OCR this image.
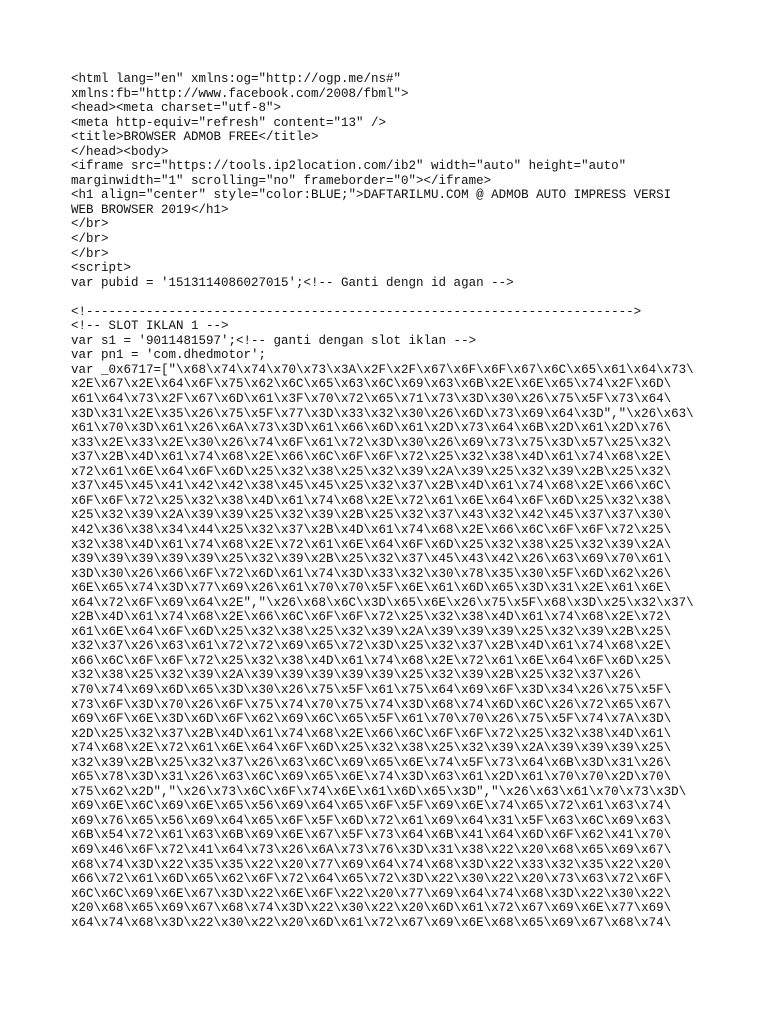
<html lang="en" xmlns:og="http://ogp.me/ns#"
xmlns:fb="http://www.facebook.com/2008/fbml">
<head><meta charset="utf-8">
<meta http-equiv="refresh" content="13" />
<title>BROWSER ADMOB FREE</title>
</head><body>
<iframe src="https://tools.ip2location.com/ib2" width="auto" height="auto"
marginwidth="1" scrolling="no" frameborder="0"></iframe>
<h1 align="center" style="color:BLUE;">DAFTARILMU.COM @ ADMOB AUTO IMPRESS VERSI
WEB BROWSER 2019</h1>
</br>
</br>
</br>
<script>
var pubid = '1513114086027015';<!-- Ganti dengn id agan -->
<!------------------------------------------------------------------------->
<!-- SLOT IKLAN 1 -->
var s1 = '9011481597';<!-- ganti dengan slot iklan -->
var pn1 = 'com.dhedmotor';
var _0x6717=["\x68\x74\x74\x70\x73\x3A\x2F\x2F\x67\x6F\x6F\x67\x6C\x65\x61\x64\x73\
x2E\x67\x2E\x64\x6F\x75\x62\x6C\x65\x63\x6C\x69\x63\x6B\x2E\x6E\x65\x74\x2F\x6D\
x61\x64\x73\x2F\x67\x6D\x61\x3F\x70\x72\x65\x71\x73\x3D\x30\x26\x75\x5F\x73\x64\
x3D\x31\x2E\x35\x26\x75\x5F\x77\x3D\x33\x32\x30\x26\x6D\x73\x69\x64\x3D","\x26\x63\
x61\x70\x3D\x61\x26\x6A\x73\x3D\x61\x66\x6D\x61\x2D\x73\x64\x6B\x2D\x61\x2D\x76\
x33\x2E\x33\x2E\x30\x26\x74\x6F\x61\x72\x3D\x30\x26\x69\x73\x75\x3D\x57\x25\x32\
x37\x2B\x4D\x61\x74\x68\x2E\x66\x6C\x6F\x6F\x72\x25\x32\x38\x4D\x61\x74\x68\x2E\
x72\x61\x6E\x64\x6F\x6D\x25\x32\x38\x25\x32\x39\x2A\x39\x25\x32\x39\x2B\x25\x32\
x37\x45\x45\x41\x42\x42\x38\x45\x45\x25\x32\x37\x2B\x4D\x61\x74\x68\x2E\x66\x6C\
x6F\x6F\x72\x25\x32\x38\x4D\x61\x74\x68\x2E\x72\x61\x6E\x64\x6F\x6D\x25\x32\x38\
x25\x32\x39\x2A\x39\x39\x25\x32\x39\x2B\x25\x32\x37\x43\x32\x42\x45\x37\x37\x30\
x42\x36\x38\x34\x44\x25\x32\x37\x2B\x4D\x61\x74\x68\x2E\x66\x6C\x6F\x6F\x72\x25\
x32\x38\x4D\x61\x74\x68\x2E\x72\x61\x6E\x64\x6F\x6D\x25\x32\x38\x25\x32\x39\x2A\
x39\x39\x39\x39\x39\x25\x32\x39\x2B\x25\x32\x37\x45\x43\x42\x26\x63\x69\x70\x61\
x3D\x30\x26\x66\x6F\x72\x6D\x61\x74\x3D\x33\x32\x30\x78\x35\x30\x5F\x6D\x62\x26\
x6E\x65\x74\x3D\x77\x69\x26\x61\x70\x70\x5F\x6E\x61\x6D\x65\x3D\x31\x2E\x61\x6E\
x64\x72\x6F\x69\x64\x2E","\x26\x68\x6C\x3D\x65\x6E\x26\x75\x5F\x68\x3D\x25\x32\x37\
x2B\x4D\x61\x74\x68\x2E\x66\x6C\x6F\x6F\x72\x25\x32\x38\x4D\x61\x74\x68\x2E\x72\
x61\x6E\x64\x6F\x6D\x25\x32\x38\x25\x32\x39\x2A\x39\x39\x39\x25\x32\x39\x2B\x25\
x32\x37\x26\x63\x61\x72\x72\x69\x65\x72\x3D\x25\x32\x37\x2B\x4D\x61\x74\x68\x2E\
x66\x6C\x6F\x6F\x72\x25\x32\x38\x4D\x61\x74\x68\x2E\x72\x61\x6E\x64\x6F\x6D\x25\
x32\x38\x25\x32\x39\x2A\x39\x39\x39\x39\x39\x25\x32\x39\x2B\x25\x32\x37\x26\
x70\x74\x69\x6D\x65\x3D\x30\x26\x75\x5F\x61\x75\x64\x69\x6F\x3D\x34\x26\x75\x5F\
x73\x6F\x3D\x70\x26\x6F\x75\x74\x70\x75\x74\x3D\x68\x74\x6D\x6C\x26\x72\x65\x67\
x69\x6F\x6E\x3D\x6D\x6F\x62\x69\x6C\x65\x5F\x61\x70\x70\x26\x75\x5F\x74\x7A\x3D\
x2D\x25\x32\x37\x2B\x4D\x61\x74\x68\x2E\x66\x6C\x6F\x6F\x72\x25\x32\x38\x4D\x61\
x74\x68\x2E\x72\x61\x6E\x64\x6F\x6D\x25\x32\x38\x25\x32\x39\x2A\x39\x39\x39\x25\
x32\x39\x2B\x25\x32\x37\x26\x63\x6C\x69\x65\x6E\x74\x5F\x73\x64\x6B\x3D\x31\x26\
x65\x78\x3D\x31\x26\x63\x6C\x69\x65\x6E\x74\x3D\x63\x61\x2D\x61\x70\x70\x2D\x70\
x75\x62\x2D","\x26\x73\x6C\x6F\x74\x6E\x61\x6D\x65\x3D","\x26\x63\x61\x70\x73\x3D\
x69\x6E\x6C\x69\x6E\x65\x56\x69\x64\x65\x6F\x5F\x69\x6E\x74\x65\x72\x61\x63\x74\
x69\x76\x65\x56\x69\x64\x65\x6F\x5F\x6D\x72\x61\x69\x64\x31\x5F\x63\x6C\x69\x63\
x6B\x54\x72\x61\x63\x6B\x69\x6E\x67\x5F\x73\x64\x6B\x41\x64\x6D\x6F\x62\x41\x70\
x69\x46\x6F\x72\x41\x64\x73\x26\x6A\x73\x76\x3D\x31\x38\x22\x20\x68\x65\x69\x67\
x68\x74\x3D\x22\x35\x35\x22\x20\x77\x69\x64\x74\x68\x3D\x22\x33\x32\x35\x22\x20\
x66\x72\x61\x6D\x65\x62\x6F\x72\x64\x65\x72\x3D\x22\x30\x22\x20\x73\x63\x72\x6F\
x6C\x6C\x69\x6E\x67\x3D\x22\x6E\x6F\x22\x20\x77\x69\x64\x74\x68\x3D\x22\x30\x22\
x20\x68\x65\x69\x67\x68\x74\x3D\x22\x30\x22\x20\x6D\x61\x72\x67\x69\x6E\x77\x69\
x64\x74\x68\x3D\x22\x30\x22\x20\x6D\x61\x72\x67\x69\x6E\x68\x65\x69\x67\x68\x74\
